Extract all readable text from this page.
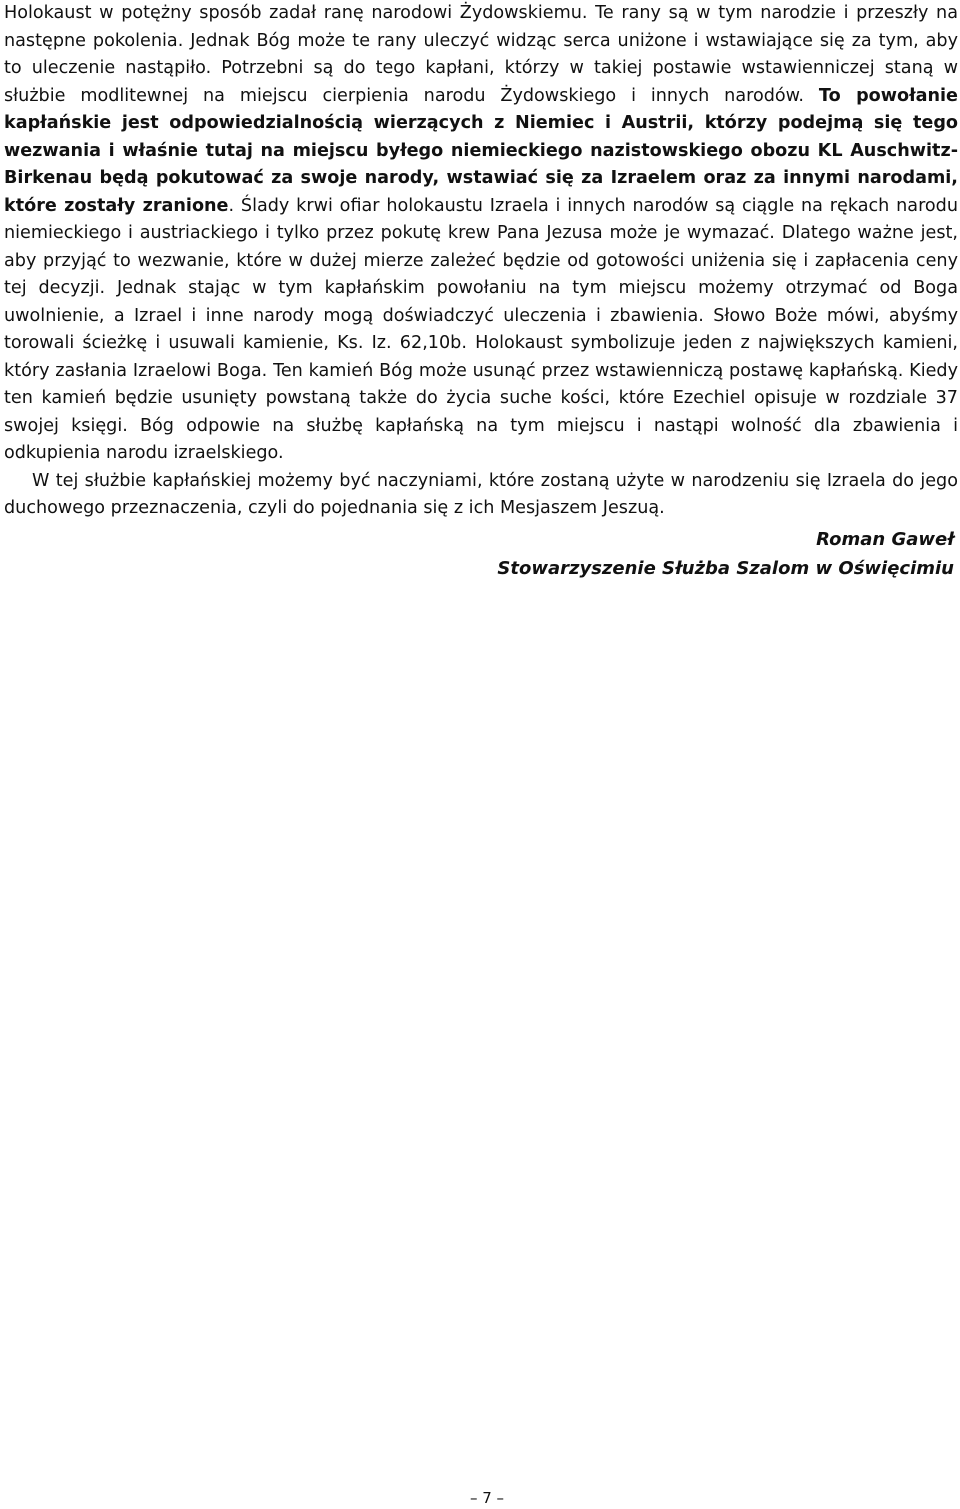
Holokaust w potężny sposób zadał ranę narodowi Żydowskiemu. Te rany są w tym narodzie i przeszły na następne pokolenia. Jednak Bóg może te rany uleczyć widząc serca uniżone i wstawiające się za tym, aby to uleczenie nastąpiło. Potrzebni są do tego kapłani, którzy w takiej postawie wstawienniczej staną w służbie modlitewnej na miejscu cierpienia narodu Żydowskiego i innych narodów. To powołanie kapłańskie jest odpowiedzialnością wierzących z Niemiec i Austrii, którzy podejmą się tego wezwania i właśnie tutaj na miejscu byłego niemieckiego nazistowskiego obozu KL Auschwitz-Birkenau będą pokutować za swoje narody, wstawiać się za Izraelem oraz za innymi narodami, które zostały zranione. Ślady krwi ofiar holokaustu Izraela i innych narodów są ciągle na rękach narodu niemieckiego i austriackiego i tylko przez pokutę krew Pana Jezusa może je wymazać. Dlatego ważne jest, aby przyjąć to wezwanie, które w dużej mierze zależeć będzie od gotowości uniżenia się i zapłacenia ceny tej decyzji. Jednak stając w tym kapłańskim powołaniu na tym miejscu możemy otrzymać od Boga uwolnienie, a Izrael i inne narody mogą doświadczyć uleczenia i zbawienia. Słowo Boże mówi, abyśmy torowali ścieżkę i usuwali kamienie, Ks. Iz. 62,10b. Holokaust symbolizuje jeden z największych kamieni, który zasłania Izraelowi Boga. Ten kamień Bóg może usunąć przez wstawienniczą postawę kapłańską. Kiedy ten kamień będzie usunięty powstaną także do życia suche kości, które Ezechiel opisuje w rozdziale 37 swojej księgi. Bóg odpowie na służbę kapłańską na tym miejscu i nastąpi wolność dla zbawienia i odkupienia narodu izraelskiego.

W tej służbie kapłańskiej możemy być naczyniami, które zostaną użyte w narodzeniu się Izraela do jego duchowego przeznaczenia, czyli do pojednania się z ich Mesjaszem Jeszuą.

Roman Gaweł

Stowarzyszenie Służba Szalom w Oświęcimiu

– 7 –
